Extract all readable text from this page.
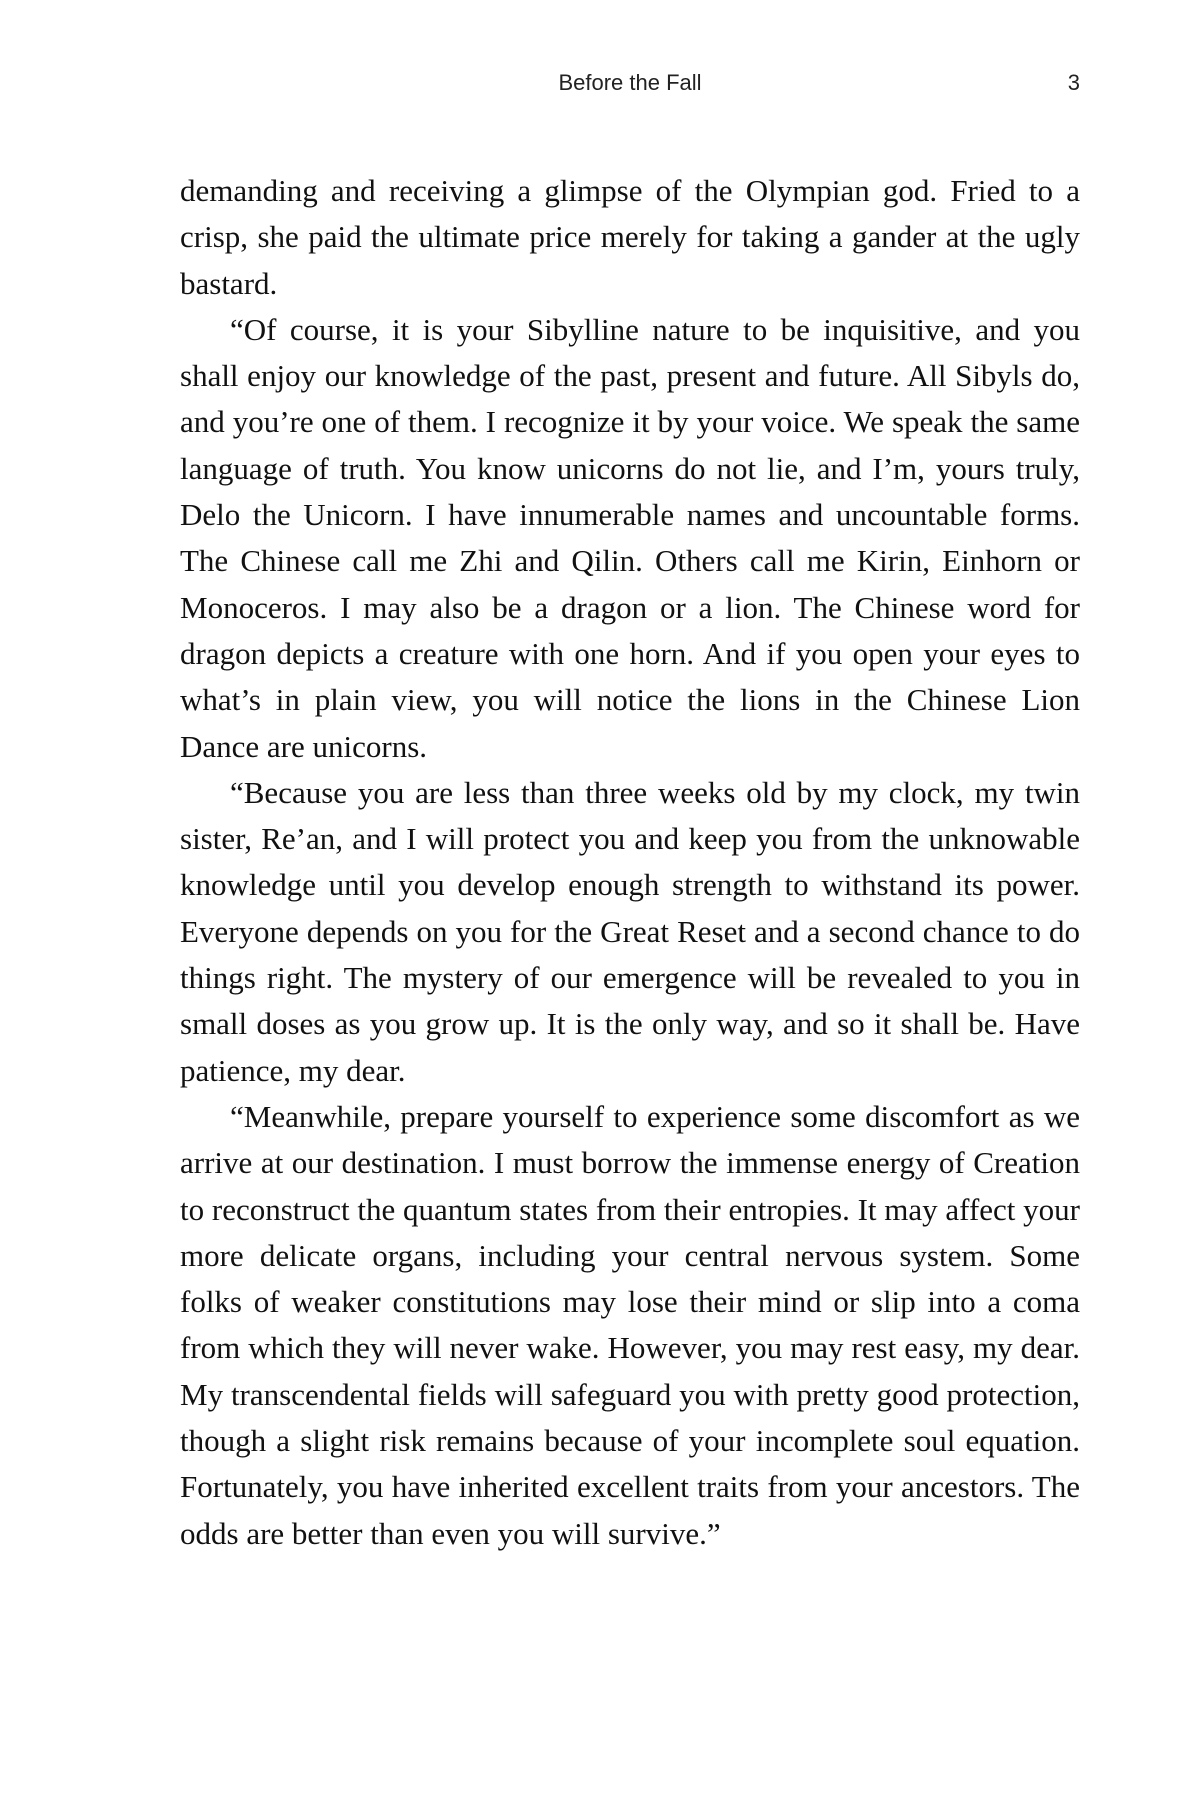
Before the Fall	3

demanding and receiving a glimpse of the Olympian god. Fried to a crisp, she paid the ultimate price merely for taking a gander at the ugly bastard.

“Of course, it is your Sibylline nature to be inquisitive, and you shall enjoy our knowledge of the past, present and future. All Sibyls do, and you’re one of them. I recognize it by your voice. We speak the same language of truth. You know unicorns do not lie, and I’m, yours truly, Delo the Unicorn. I have innumerable names and uncountable forms. The Chinese call me Zhi and Qilin. Others call me Kirin, Einhorn or Monoceros. I may also be a dragon or a lion. The Chinese word for dragon depicts a creature with one horn. And if you open your eyes to what’s in plain view, you will notice the lions in the Chinese Lion Dance are unicorns.

“Because you are less than three weeks old by my clock, my twin sister, Re’an, and I will protect you and keep you from the unknowable knowledge until you develop enough strength to withstand its power. Everyone depends on you for the Great Reset and a second chance to do things right. The mystery of our emergence will be revealed to you in small doses as you grow up. It is the only way, and so it shall be. Have patience, my dear.

“Meanwhile, prepare yourself to experience some discomfort as we arrive at our destination. I must borrow the immense energy of Creation to reconstruct the quantum states from their entropies. It may affect your more delicate organs, including your central nervous system. Some folks of weaker constitutions may lose their mind or slip into a coma from which they will never wake. However, you may rest easy, my dear. My transcendental fields will safeguard you with pretty good protection, though a slight risk remains because of your incomplete soul equation. Fortunately, you have inherited excellent traits from your ancestors. The odds are better than even you will survive.”
